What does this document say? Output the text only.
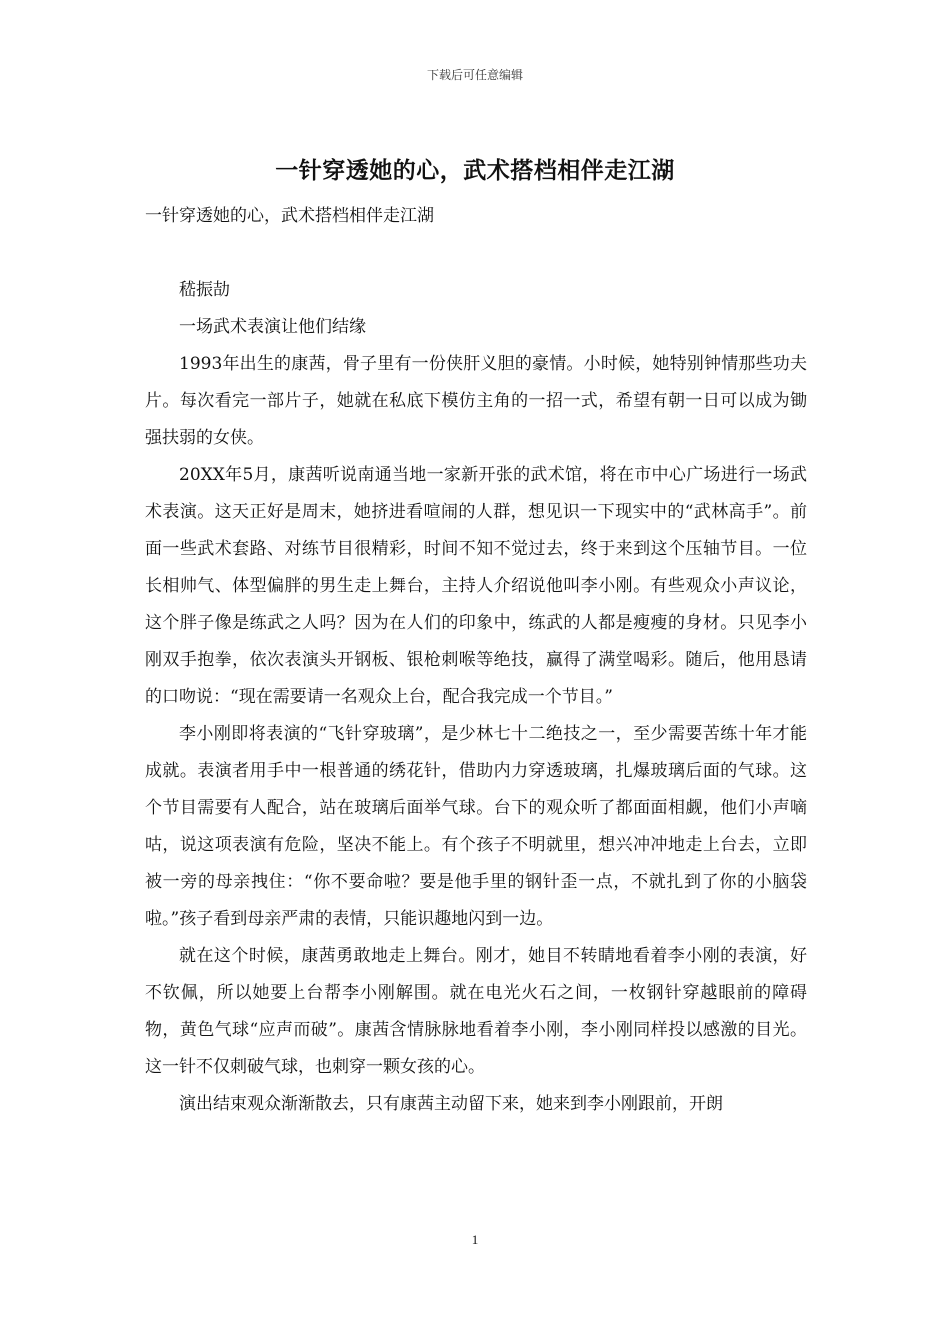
下载后可任意编辑
一针穿透她的心，武术搭档相伴走江湖
一针穿透她的心，武术搭档相伴走江湖

嵇振劼

一场武术表演让他们结缘

1993年出生的康茜，骨子里有一份侠肝义胆的豪情。小时候，她特别钟情那些功夫片。每次看完一部片子，她就在私底下模仿主角的一招一式，希望有朝一日可以成为锄强扶弱的女侠。

20XX年5月，康茜听说南通当地一家新开张的武术馆，将在市中心广场进行一场武术表演。这天正好是周末，她挤进看喧闹的人群，想见识一下现实中的“武林高手”。前面一些武术套路、对练节目很精彩，时间不知不觉过去，终于来到这个压轴节目。一位长相帅气、体型偏胖的男生走上舞台，主持人介绍说他叫李小刚。有些观众小声议论，这个胖子像是练武之人吗？因为在人们的印象中，练武的人都是瘦瘦的身材。只见李小刚双手抱拳，依次表演头开钢板、银枪刺喉等绝技，赢得了满堂喝彩。随后，他用恳请的口吻说：“现在需要请一名观众上台，配合我完成一个节目。”

李小刚即将表演的“飞针穿玻璃”，是少林七十二绝技之一，至少需要苦练十年才能成就。表演者用手中一根普通的绣花针，借助内力穿透玻璃，扎爆玻璃后面的气球。这个节目需要有人配合，站在玻璃后面举气球。台下的观众听了都面面相觑，他们小声嘀咕，说这项表演有危险，坚决不能上。有个孩子不明就里，想兴冲冲地走上台去，立即被一旁的母亲拽住：“你不要命啦？要是他手里的钢针歪一点，不就扎到了你的小脑袋啦。”孩子看到母亲严肃的表情，只能识趣地闪到一边。

就在这个时候，康茜勇敢地走上舞台。刚才，她目不转睛地看着李小刚的表演，好不钦佩，所以她要上台帮李小刚解围。就在电光火石之间，一枚钢针穿越眼前的障碍物，黄色气球“应声而破”。康茜含情脉脉地看着李小刚，李小刚同样投以感激的目光。这一针不仅刺破气球，也刺穿一颗女孩的心。

演出结束观众渐渐散去，只有康茜主动留下来，她来到李小刚跟前，开朗

1
